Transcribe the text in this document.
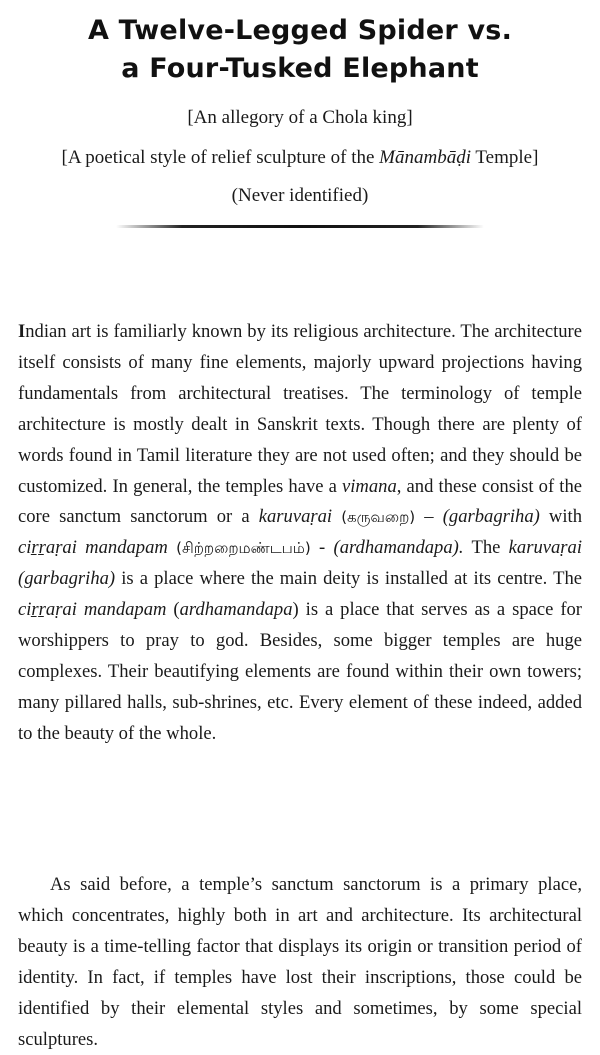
A Twelve-Legged Spider vs.
a Four-Tusked Elephant
[An allegory of a Chola king]
[A poetical style of relief sculpture of the Mānambāḍi Temple]
(Never identified)
Indian art is familiarly known by its religious architecture. The architecture itself consists of many fine elements, majorly upward projections having fundamentals from architectural treatises. The terminology of temple architecture is mostly dealt in Sanskrit texts. Though there are plenty of words found in Tamil literature they are not used often; and they should be customized. In general, the temples have a vimana, and these consist of the core sanctum sanctorum or a karuvaṛai (கருவறை) – (garbagriha) with ciṟṟaṛai mandapam (சிற்றறைமண்டபம்) - (ardhamandapa). The karuvaṛai (garbagriha) is a place where the main deity is installed at its centre. The ciṟṟaṛai mandapam (ardhamandapa) is a place that serves as a space for worshippers to pray to god. Besides, some bigger temples are huge complexes. Their beautifying elements are found within their own towers; many pillared halls, sub-shrines, etc. Every element of these indeed, added to the beauty of the whole.
As said before, a temple’s sanctum sanctorum is a primary place, which concentrates, highly both in art and architecture. Its architectural beauty is a time-telling factor that displays its origin or transition period of identity. In fact, if temples have lost their inscriptions, those could be identified by their elemental styles and sometimes, by some special sculptures.
